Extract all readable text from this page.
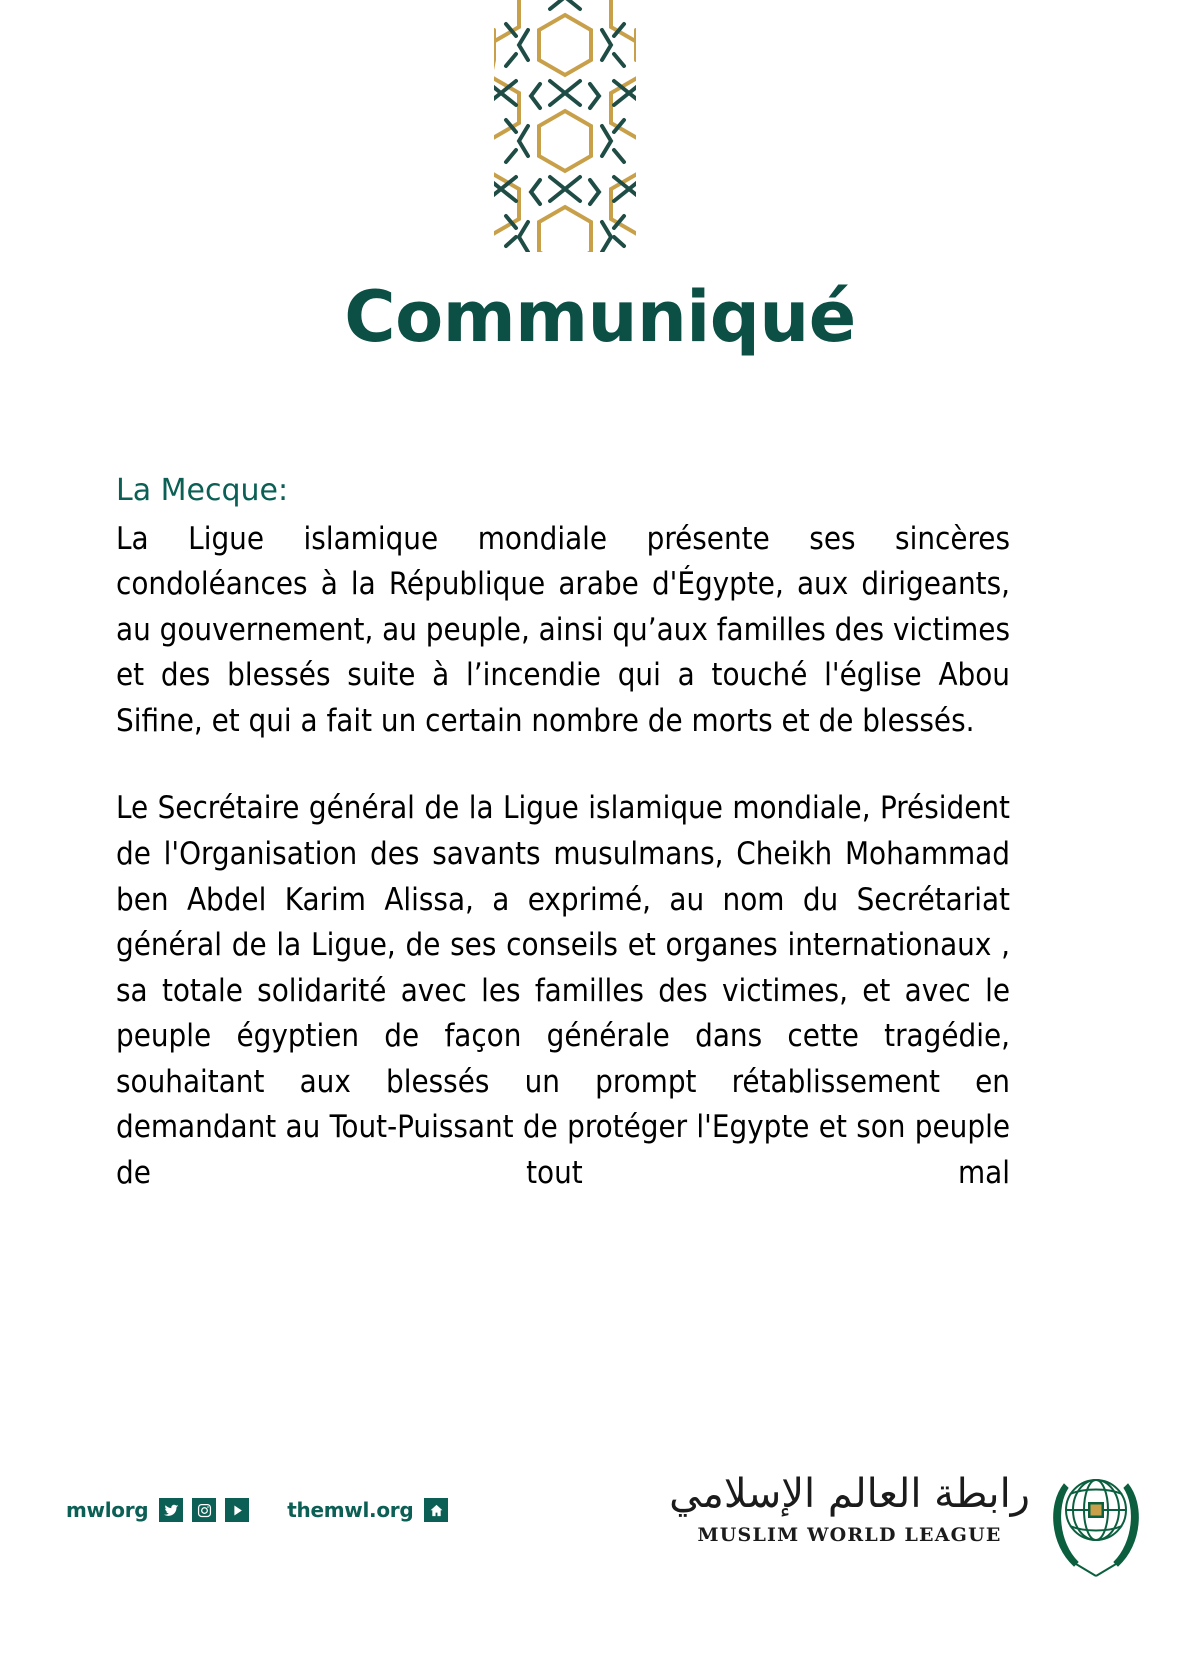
Communiqué
La Mecque:

La Ligue islamique mondiale présente ses sincères condoléances à la République arabe d'Égypte, aux dirigeants, au gouvernement, au peuple, ainsi qu’aux familles des victimes et des blessés suite à l’incendie qui a touché l'église Abou Sifine, et qui a fait un certain nombre de morts et de blessés.

Le Secrétaire général de la Ligue islamique mondiale, Président de l'Organisation des savants musulmans, Cheikh Mohammad ben Abdel Karim Alissa, a exprimé, au nom du Secrétariat général de la Ligue, de ses conseils et organes internationaux , sa totale solidarité avec les familles des victimes, et avec le peuple égyptien de façon générale dans cette tragédie, souhaitant aux blessés un prompt rétablissement en demandant au Tout-Puissant de protéger l'Egypte et son peuple de tout mal

mwlorg	themwl.org	رابطة العالم الإسلامي
MUSLIM WORLD LEAGUE
